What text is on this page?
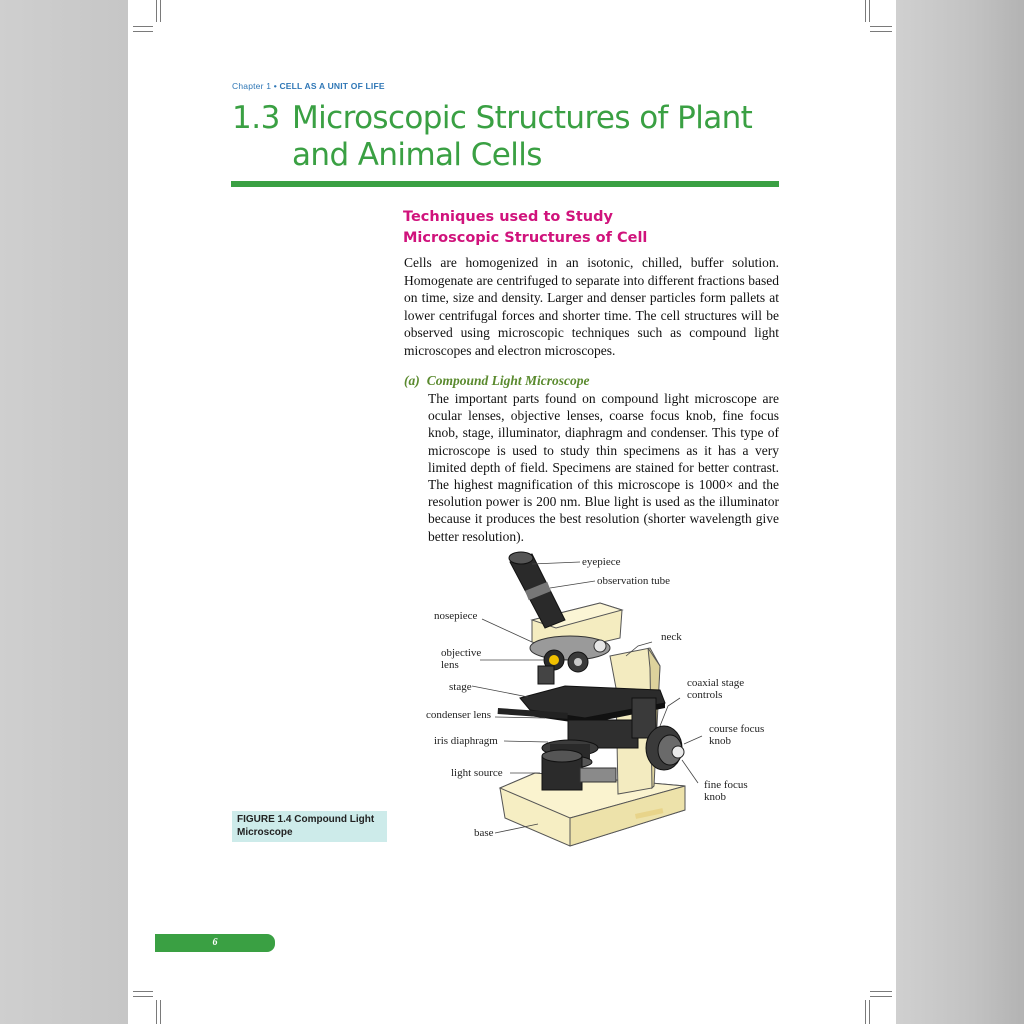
Chapter 1 • CELL AS A UNIT OF LIFE
1.3 Microscopic Structures of Plant and Animal Cells
Techniques used to Study
Microscopic Structures of Cell
Cells are homogenized in an isotonic, chilled, buffer solution. Homogenate are centrifuged to separate into different fractions based on time, size and density. Larger and denser particles form pallets at lower centrifugal forces and shorter time. The cell structures will be observed using microscopic techniques such as compound light microscopes and electron microscopes.
(a) Compound Light Microscope
The important parts found on compound light microscope are ocular lenses, objective lenses, coarse focus knob, fine focus knob, stage, illuminator, diaphragm and condenser. This type of microscope is used to study thin specimens as it has a very limited depth of field. Specimens are stained for better contrast. The highest magnification of this microscope is 1000× and the resolution power is 200 nm. Blue light is used as the illuminator because it produces the best resolution (shorter wavelength give better resolution).
eyepiece
observation tube
nosepiece
neck
objective
lens
stage	coaxial stage
controls
condenser lens
course focus
knob
iris diaphragm
light source
fine focus
knob
base
FIGURE 1.4 Compound Light
Microscope
6
